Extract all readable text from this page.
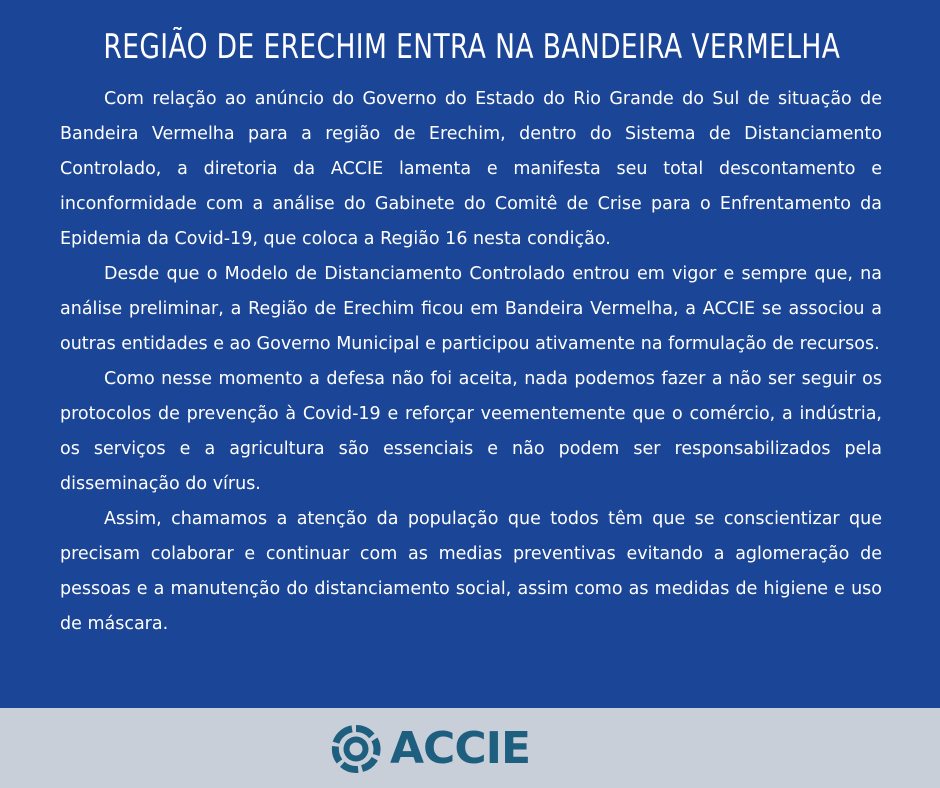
REGIÃO DE ERECHIM ENTRA NA BANDEIRA VERMELHA

Com relação ao anúncio do Governo do Estado do Rio Grande do Sul de situação de Bandeira Vermelha para a região de Erechim, dentro do Sistema de Distanciamento Controlado, a diretoria da ACCIE lamenta e manifesta seu total descontamento e inconformidade com a análise do Gabinete do Comitê de Crise para o Enfrentamento da Epidemia da Covid-19, que coloca a Região 16 nesta condição.

Desde que o Modelo de Distanciamento Controlado entrou em vigor e sempre que, na análise preliminar, a Região de Erechim ficou em Bandeira Vermelha, a ACCIE se associou a outras entidades e ao Governo Municipal e participou ativamente na formulação de recursos.

Como nesse momento a defesa não foi aceita, nada podemos fazer a não ser seguir os protocolos de prevenção à Covid-19 e reforçar veementemente que o comércio, a indústria, os serviços e a agricultura são essenciais e não podem ser responsabilizados pela disseminação do vírus.

Assim, chamamos a atenção da população que todos têm que se conscientizar que precisam colaborar e continuar com as medias preventivas evitando a aglomeração de pessoas e a manutenção do distanciamento social, assim como as medidas de higiene e uso de máscara.

ACCIE
